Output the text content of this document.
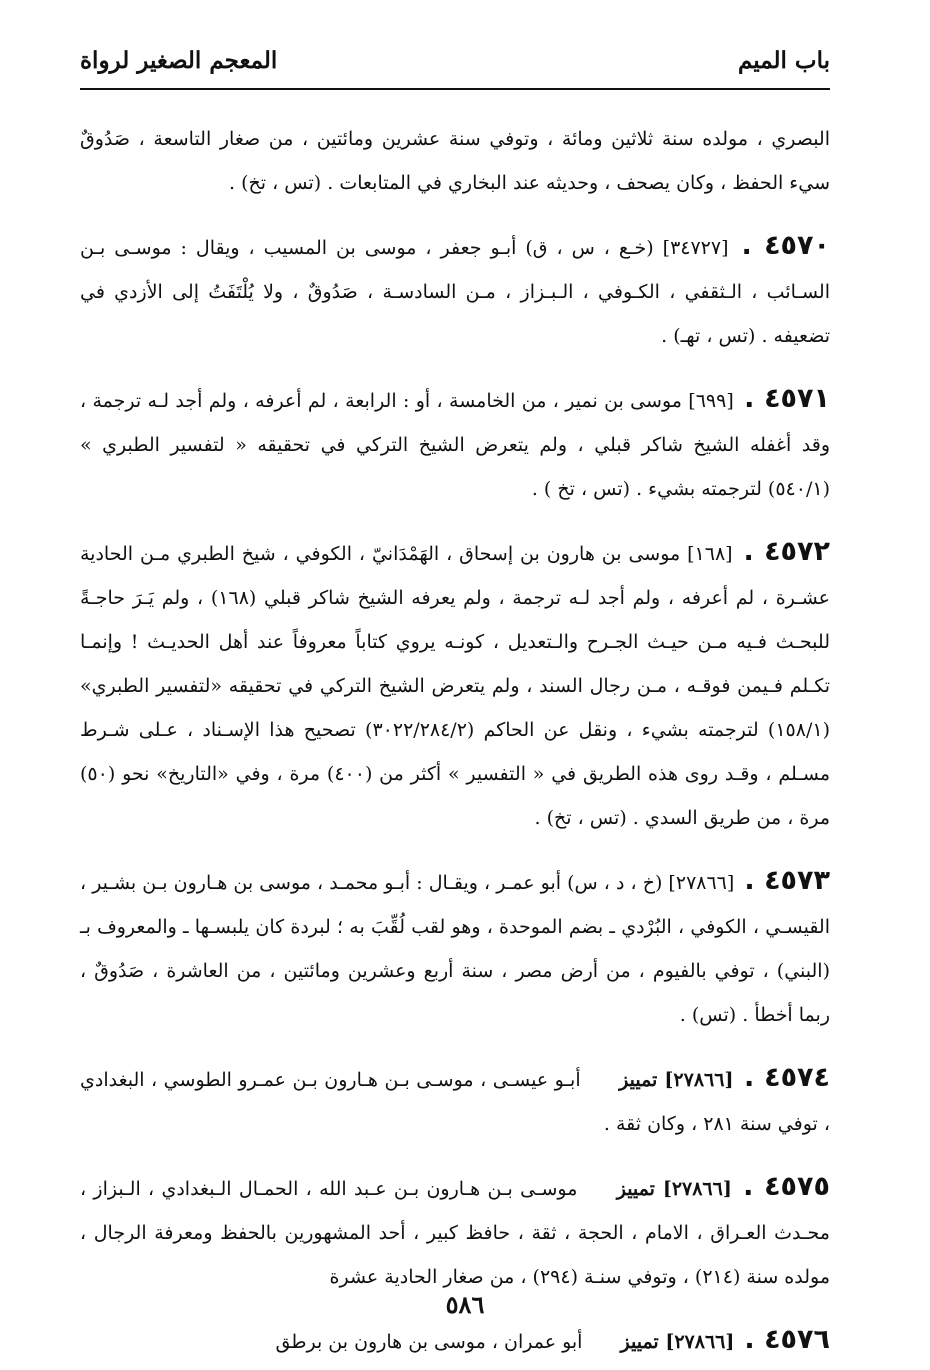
باب الميم
المعجم الصغير لرواة

البصري ، مولده سنة ثلاثين ومائة ، وتوفي سنة عشرين ومائتين ، من صغار التاسعة ، صَدُوقٌ سيء الحفظ ، وكان يصحف ، وحديثه عند البخاري في المتابعات . (تس ، تخ) .

٤٥٧٠ . [٣٤٧٢٧] (خـع ، س ، ق) أبـو جعفر ، موسى بن المسيب ، ويقال : موسـى بـن السـائب ، الـثقفي ، الكـوفي ، الـبـزاز ، مـن السادسـة ، صَدُوقٌ ، ولا يُلْتَفَتُ إلى الأزدي في تضعيفه . (تس ، تهـ) .

٤٥٧١ . [٦٩٩] موسى بن نمير ، من الخامسة ، أو : الرابعة ، لم أعرفه ، ولم أجد لـه ترجمة ، وقد أغفله الشيخ شاكر قبلي ، ولم يتعرض الشيخ التركي في تحقيقه « لتفسير الطبري » (٥٤٠/١) لترجمته بشيء . (تس ، تخ ) .

٤٥٧٢ . [١٦٨] موسى بن هارون بن إسحاق ، الهَمْدَانيّ ، الكوفي ، شيخ الطبري مـن الحادية عشـرة ، لم أعرفه ، ولم أجد لـه ترجمة ، ولم يعرفه الشيخ شاكر قبلي (١٦٨) ، ولم يَـرَ حاجـةً للبحـث فـيه مـن حيـث الجـرح والـتعديل ، كونـه يروي كتاباً معروفاً عند أهل الحديـث ! وإنمـا تكـلم فـيمن فوقـه ، مـن رجال السند ، ولم يتعرض الشيخ التركي في تحقيقه «لتفسير الطبري» (١٥٨/١) لترجمته بشيء ، ونقل عن الحاكم (٣٠٢٢/٢٨٤/٢) تصحيح هذا الإسـناد ، عـلى شـرط مسـلم ، وقـد روى هذه الطريق في « التفسير » أكثر من (٤٠٠) مرة ، وفي «التاريخ» نحو (٥٠) مرة ، من طريق السدي . (تس ، تخ) .

٤٥٧٣ . [٢٧٨٦٦] (خ ، د ، س) أبو عمـر ، ويقـال : أبـو محمـد ، موسى بن هـارون بـن بشـير ، القيسـي ، الكوفي ، البُرْدي ـ بضم الموحدة ، وهو لقب لُقِّبَ به ؛ لبردة كان يلبسـها ـ والمعروف بـ (البني) ، توفي بالفيوم ، من أرض مصر ، سنة أربع وعشرين ومائتين ، من العاشرة ، صَدُوقٌ ، ربما أخطأ . (تس) .

٤٥٧٤ . [٢٧٨٦٦] تمييز أبـو عيسـى ، موسـى بـن هـارون بـن عمـرو الطوسي ، البغدادي ، توفي سنة ٢٨١ ، وكان ثقة .

٤٥٧٥ . [٢٧٨٦٦] تمييز موسـى بـن هـارون بـن عـبد الله ، الحمـال الـبغدادي ، الـبزاز ، محـدث العـراق ، الامام ، الحجة ، ثقة ، حافظ كبير ، أحد المشهورين بالحفظ ومعرفة الرجال ، مولده سنة (٢١٤) ، وتوفي سنـة (٢٩٤) ، من صغار الحادية عشرة

٤٥٧٦ . [٢٧٨٦٦] تمييز أبو عمران ، موسى بن هارون بن برطق

٥٨٦
